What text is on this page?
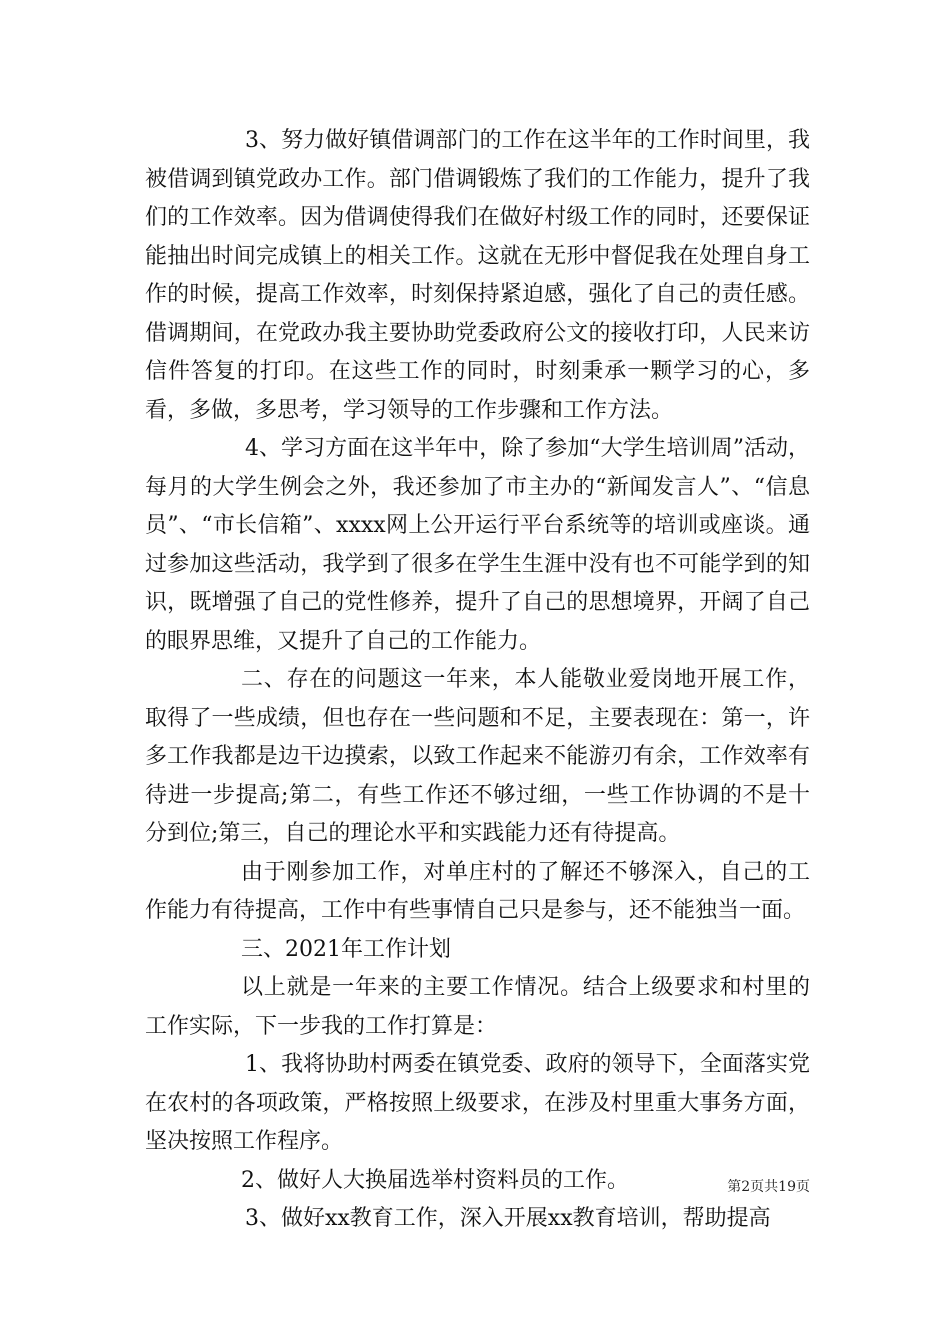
3、努力做好镇借调部门的工作在这半年的工作时间里，我被借调到镇党政办工作。部门借调锻炼了我们的工作能力，提升了我们的工作效率。因为借调使得我们在做好村级工作的同时，还要保证能抽出时间完成镇上的相关工作。这就在无形中督促我在处理自身工作的时候，提高工作效率，时刻保持紧迫感，强化了自己的责任感。借调期间，在党政办我主要协助党委政府公文的接收打印，人民来访信件答复的打印。在这些工作的同时，时刻秉承一颗学习的心，多看，多做，多思考，学习领导的工作步骤和工作方法。

4、学习方面在这半年中，除了参加“大学生培训周”活动，每月的大学生例会之外，我还参加了市主办的“新闻发言人”、“信息员”、“市长信箱”、xxxx网上公开运行平台系统等的培训或座谈。通过参加这些活动，我学到了很多在学生生涯中没有也不可能学到的知识，既增强了自己的党性修养，提升了自己的思想境界，开阔了自己的眼界思维，又提升了自己的工作能力。

二、存在的问题这一年来，本人能敬业爱岗地开展工作，取得了一些成绩，但也存在一些问题和不足，主要表现在：第一，许多工作我都是边干边摸索，以致工作起来不能游刃有余，工作效率有待进一步提高;第二，有些工作还不够过细，一些工作协调的不是十分到位;第三，自己的理论水平和实践能力还有待提高。

由于刚参加工作，对单庄村的了解还不够深入，自己的工作能力有待提高，工作中有些事情自己只是参与，还不能独当一面。

三、2021年工作计划

以上就是一年来的主要工作情况。结合上级要求和村里的工作实际，下一步我的工作打算是：

1、我将协助村两委在镇党委、政府的领导下，全面落实党在农村的各项政策，严格按照上级要求，在涉及村里重大事务方面，坚决按照工作程序。

2、做好人大换届选举村资料员的工作。

3、做好xx教育工作，深入开展xx教育培训，帮助提高

第2页共19页
